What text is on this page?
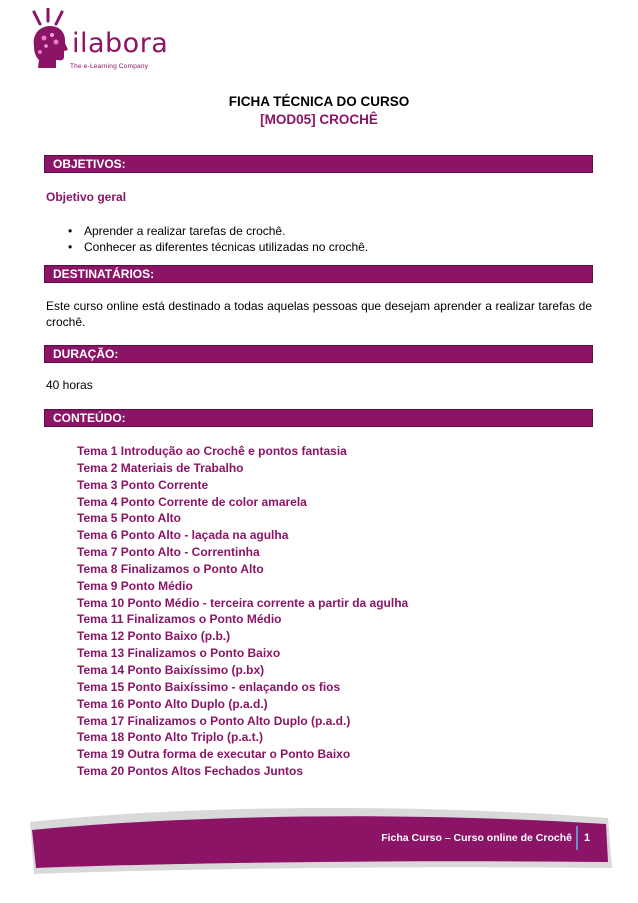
ilabora
The e-Learning Company
FICHA TÉCNICA DO CURSO
[MOD05] CROCHÊ
OBJETIVOS:
Objetivo geral
• Aprender a realizar tarefas de crochê.
• Conhecer as diferentes técnicas utilizadas no crochê.
DESTINATÁRIOS:
Este curso online está destinado a todas aquelas pessoas que desejam aprender a realizar tarefas de crochê.
DURAÇÃO:
40 horas
CONTEÚDO:
Tema 1 Introdução ao Crochê e pontos fantasia
Tema 2 Materiais de Trabalho
Tema 3 Ponto Corrente
Tema 4 Ponto Corrente de color amarela
Tema 5 Ponto Alto
Tema 6 Ponto Alto - laçada na agulha
Tema 7 Ponto Alto - Correntinha
Tema 8 Finalizamos o Ponto Alto
Tema 9 Ponto Médio
Tema 10 Ponto Médio - terceira corrente a partir da agulha
Tema 11 Finalizamos o Ponto Médio
Tema 12 Ponto Baixo (p.b.)
Tema 13 Finalizamos o Ponto Baixo
Tema 14 Ponto Baixíssimo (p.bx)
Tema 15 Ponto Baixíssimo - enlaçando os fios
Tema 16 Ponto Alto Duplo (p.a.d.)
Tema 17 Finalizamos o Ponto Alto Duplo (p.a.d.)
Tema 18 Ponto Alto Triplo (p.a.t.)
Tema 19 Outra forma de executar o Ponto Baixo
Tema 20 Pontos Altos Fechados Juntos
Ficha Curso – Curso online de Crochê 1
